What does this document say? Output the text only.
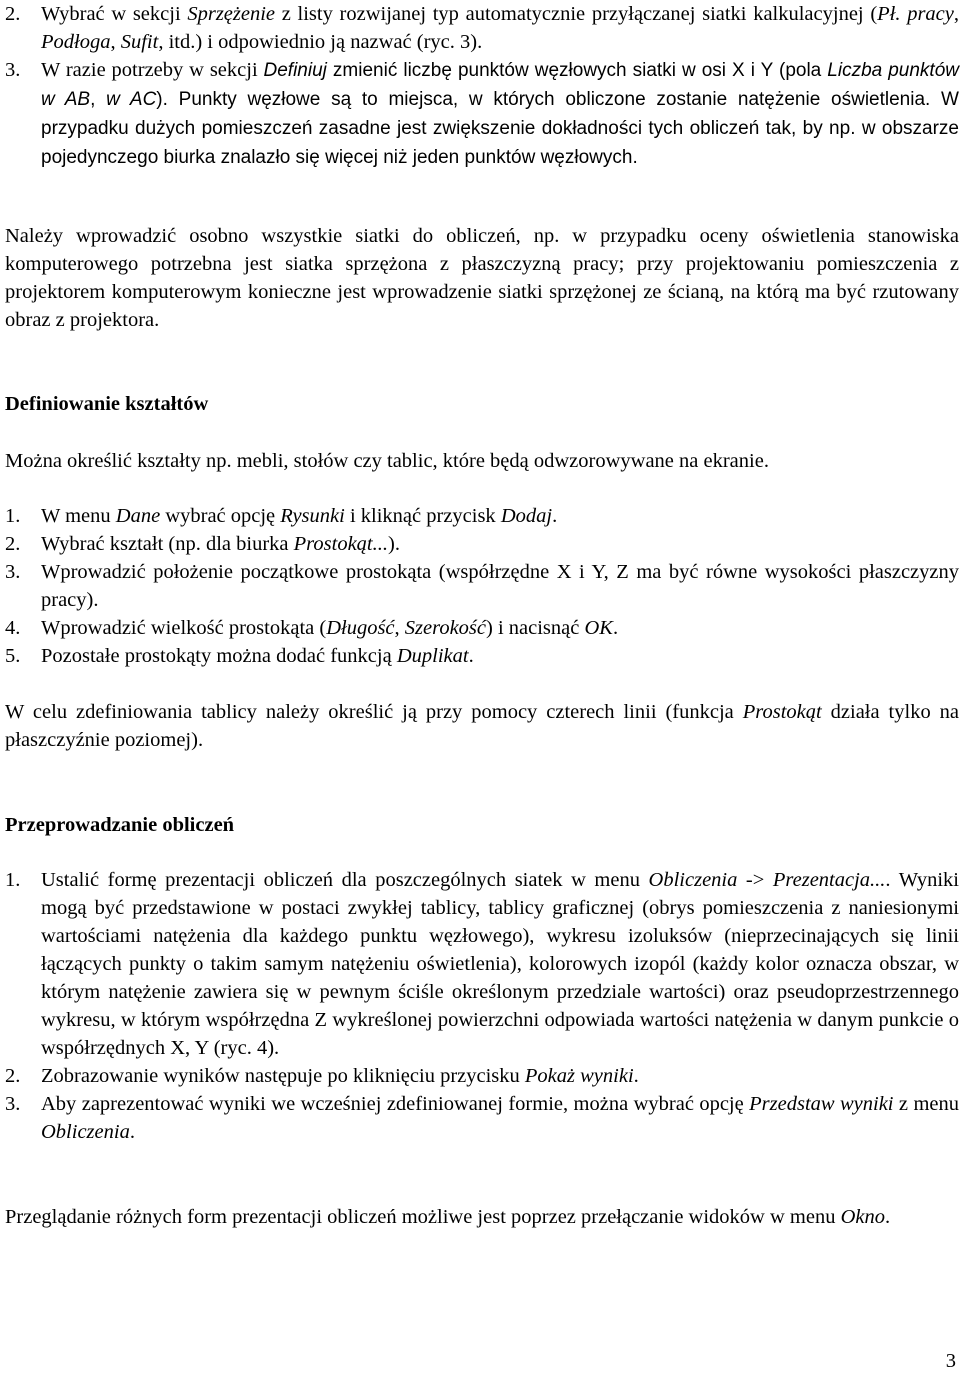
2.	Wybrać w sekcji Sprzężenie z listy rozwijanej typ automatycznie przyłączanej siatki kalkulacyjnej (Pł. pracy, Podłoga, Sufit, itd.) i odpowiednio ją nazwać (ryc. 3).
3.	W razie potrzeby w sekcji Definiuj zmienić liczbę punktów węzłowych siatki w osi X i Y (pola Liczba punktów w AB, w AC). Punkty węzłowe są to miejsca, w których obliczone zostanie natężenie oświetlenia. W przypadku dużych pomieszczeń zasadne jest zwiększenie dokładności tych obliczeń tak, by np. w obszarze pojedynczego biurka znalazło się więcej niż jeden punktów węzłowych.

Należy wprowadzić osobno wszystkie siatki do obliczeń, np. w przypadku oceny oświetlenia stanowiska komputerowego potrzebna jest siatka sprzężona z płaszczyzną pracy; przy projektowaniu pomieszczenia z projektorem komputerowym konieczne jest wprowadzenie siatki sprzężonej ze ścianą, na którą ma być rzutowany obraz z projektora.

Definiowanie kształtów

Można określić kształty np. mebli, stołów czy tablic, które będą odwzorowywane na ekranie.

1.	W menu Dane wybrać opcję Rysunki i kliknąć przycisk Dodaj.
2.	Wybrać kształt (np. dla biurka Prostokąt...).
3.	Wprowadzić położenie początkowe prostokąta (współrzędne X i Y, Z ma być równe wysokości płaszczyzny pracy).
4.	Wprowadzić wielkość prostokąta (Długość, Szerokość) i nacisnąć OK.
5.	Pozostałe prostokąty można dodać funkcją Duplikat.

W celu zdefiniowania tablicy należy określić ją przy pomocy czterech linii (funkcja Prostokąt działa tylko na płaszczyźnie poziomej).

Przeprowadzanie obliczeń
1.	Ustalić formę prezentacji obliczeń dla poszczególnych siatek w menu Obliczenia -> Prezentacja.... Wyniki mogą być przedstawione w postaci zwykłej tablicy, tablicy graficznej (obrys pomieszczenia z naniesionymi wartościami natężenia dla każdego punktu węzłowego), wykresu izoluksów (nieprzecinających się linii łączących punkty o takim samym natężeniu oświetlenia), kolorowych izopól (każdy kolor oznacza obszar, w którym natężenie zawiera się w pewnym ściśle określonym przedziale wartości) oraz pseudoprzestrzennego wykresu, w którym współrzędna Z wykreślonej powierzchni odpowiada wartości natężenia w danym punkcie o współrzędnych X, Y (ryc. 4).
2.	Zobrazowanie wyników następuje po kliknięciu przycisku Pokaż wyniki.
3.	Aby zaprezentować wyniki we wcześniej zdefiniowanej formie, można wybrać opcję Przedstaw wyniki z menu Obliczenia.

Przeglądanie różnych form prezentacji obliczeń możliwe jest poprzez przełączanie widoków w menu Okno.

3
